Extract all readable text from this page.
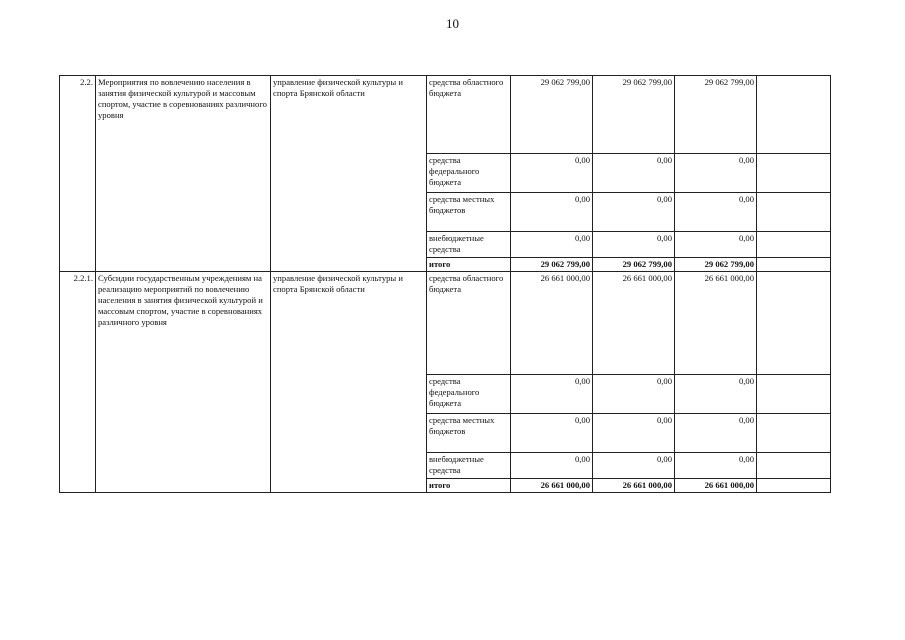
10
2.2.	Мероприятия по вовлечению населения в занятия физической культурой и массовым спортом, участие в соревнованиях различного уровня	управление физической культуры и спорта Брянской области	средства областного бюджета	29 062 799,00	29 062 799,00	29 062 799,00	
			средства федерального бюджета	0,00	0,00	0,00	
			средства местных бюджетов	0,00	0,00	0,00	
			внебюджетные средства	0,00	0,00	0,00	
			итого	29 062 799,00	29 062 799,00	29 062 799,00	
2.2.1.	Субсидии государственным учреждениям на реализацию мероприятий по вовлечению населения в занятия физической культурой и массовым спортом, участие в соревнованиях различного уровня	управление физической культуры и спорта Брянской области	средства областного бюджета	26 661 000,00	26 661 000,00	26 661 000,00	
			средства федерального бюджета	0,00	0,00	0,00	
			средства местных бюджетов	0,00	0,00	0,00	
			внебюджетные средства	0,00	0,00	0,00	
			итого	26 661 000,00	26 661 000,00	26 661 000,00	
